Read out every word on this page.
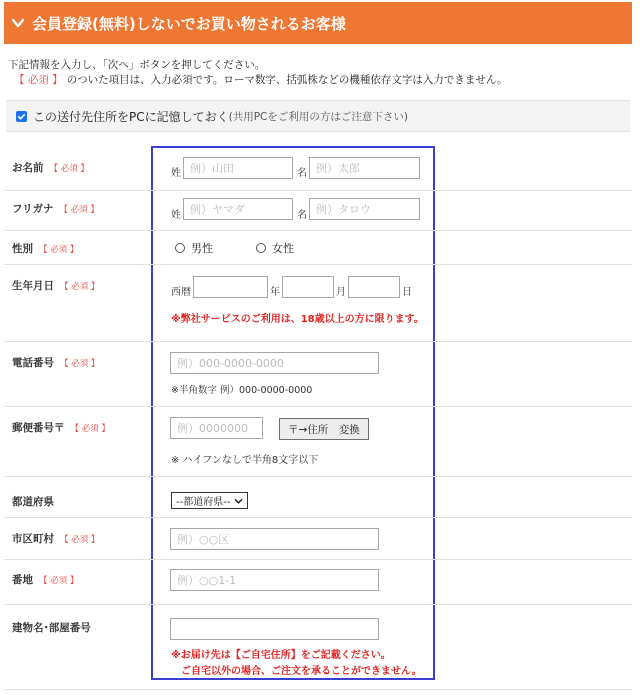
会員登録(無料)しないでお買い物されるお客様
下記情報を入力し、「次へ」ボタンを押してください。
【 必須 】 のついた項目は、入力必須です。ローマ数字、括弧株などの機種依存文字は入力できません。
この送付先住所をPCに記憶しておく (共用PCをご利用の方はご注意下さい)
お名前 【 必須 】	姓 例）山田	名 例）太郎
フリガナ 【 必須 】	姓 例）ヤマダ	名 例）タロウ
性別 【 必須 】	男性	女性
生年月日 【 必須 】	西暦	年	月	日
※弊社サービスのご利用は、18歳以上の方に限ります。
電話番号 【 必須 】	例）000-0000-0000
※半角数字 例）000-0000-0000
郵便番号〒 【 必須 】	例）0000000	〒→住所　変換
※ ハイフンなしで半角8文字以下
都道府県	--都道府県--
市区町村 【 必須 】	例）○○区
番地 【 必須 】	例）○○1-1
建物名･部屋番号
※お届け先は【ご自宅住所】をご記載ください。
ご自宅以外の場合、ご注文を承ることができません。
